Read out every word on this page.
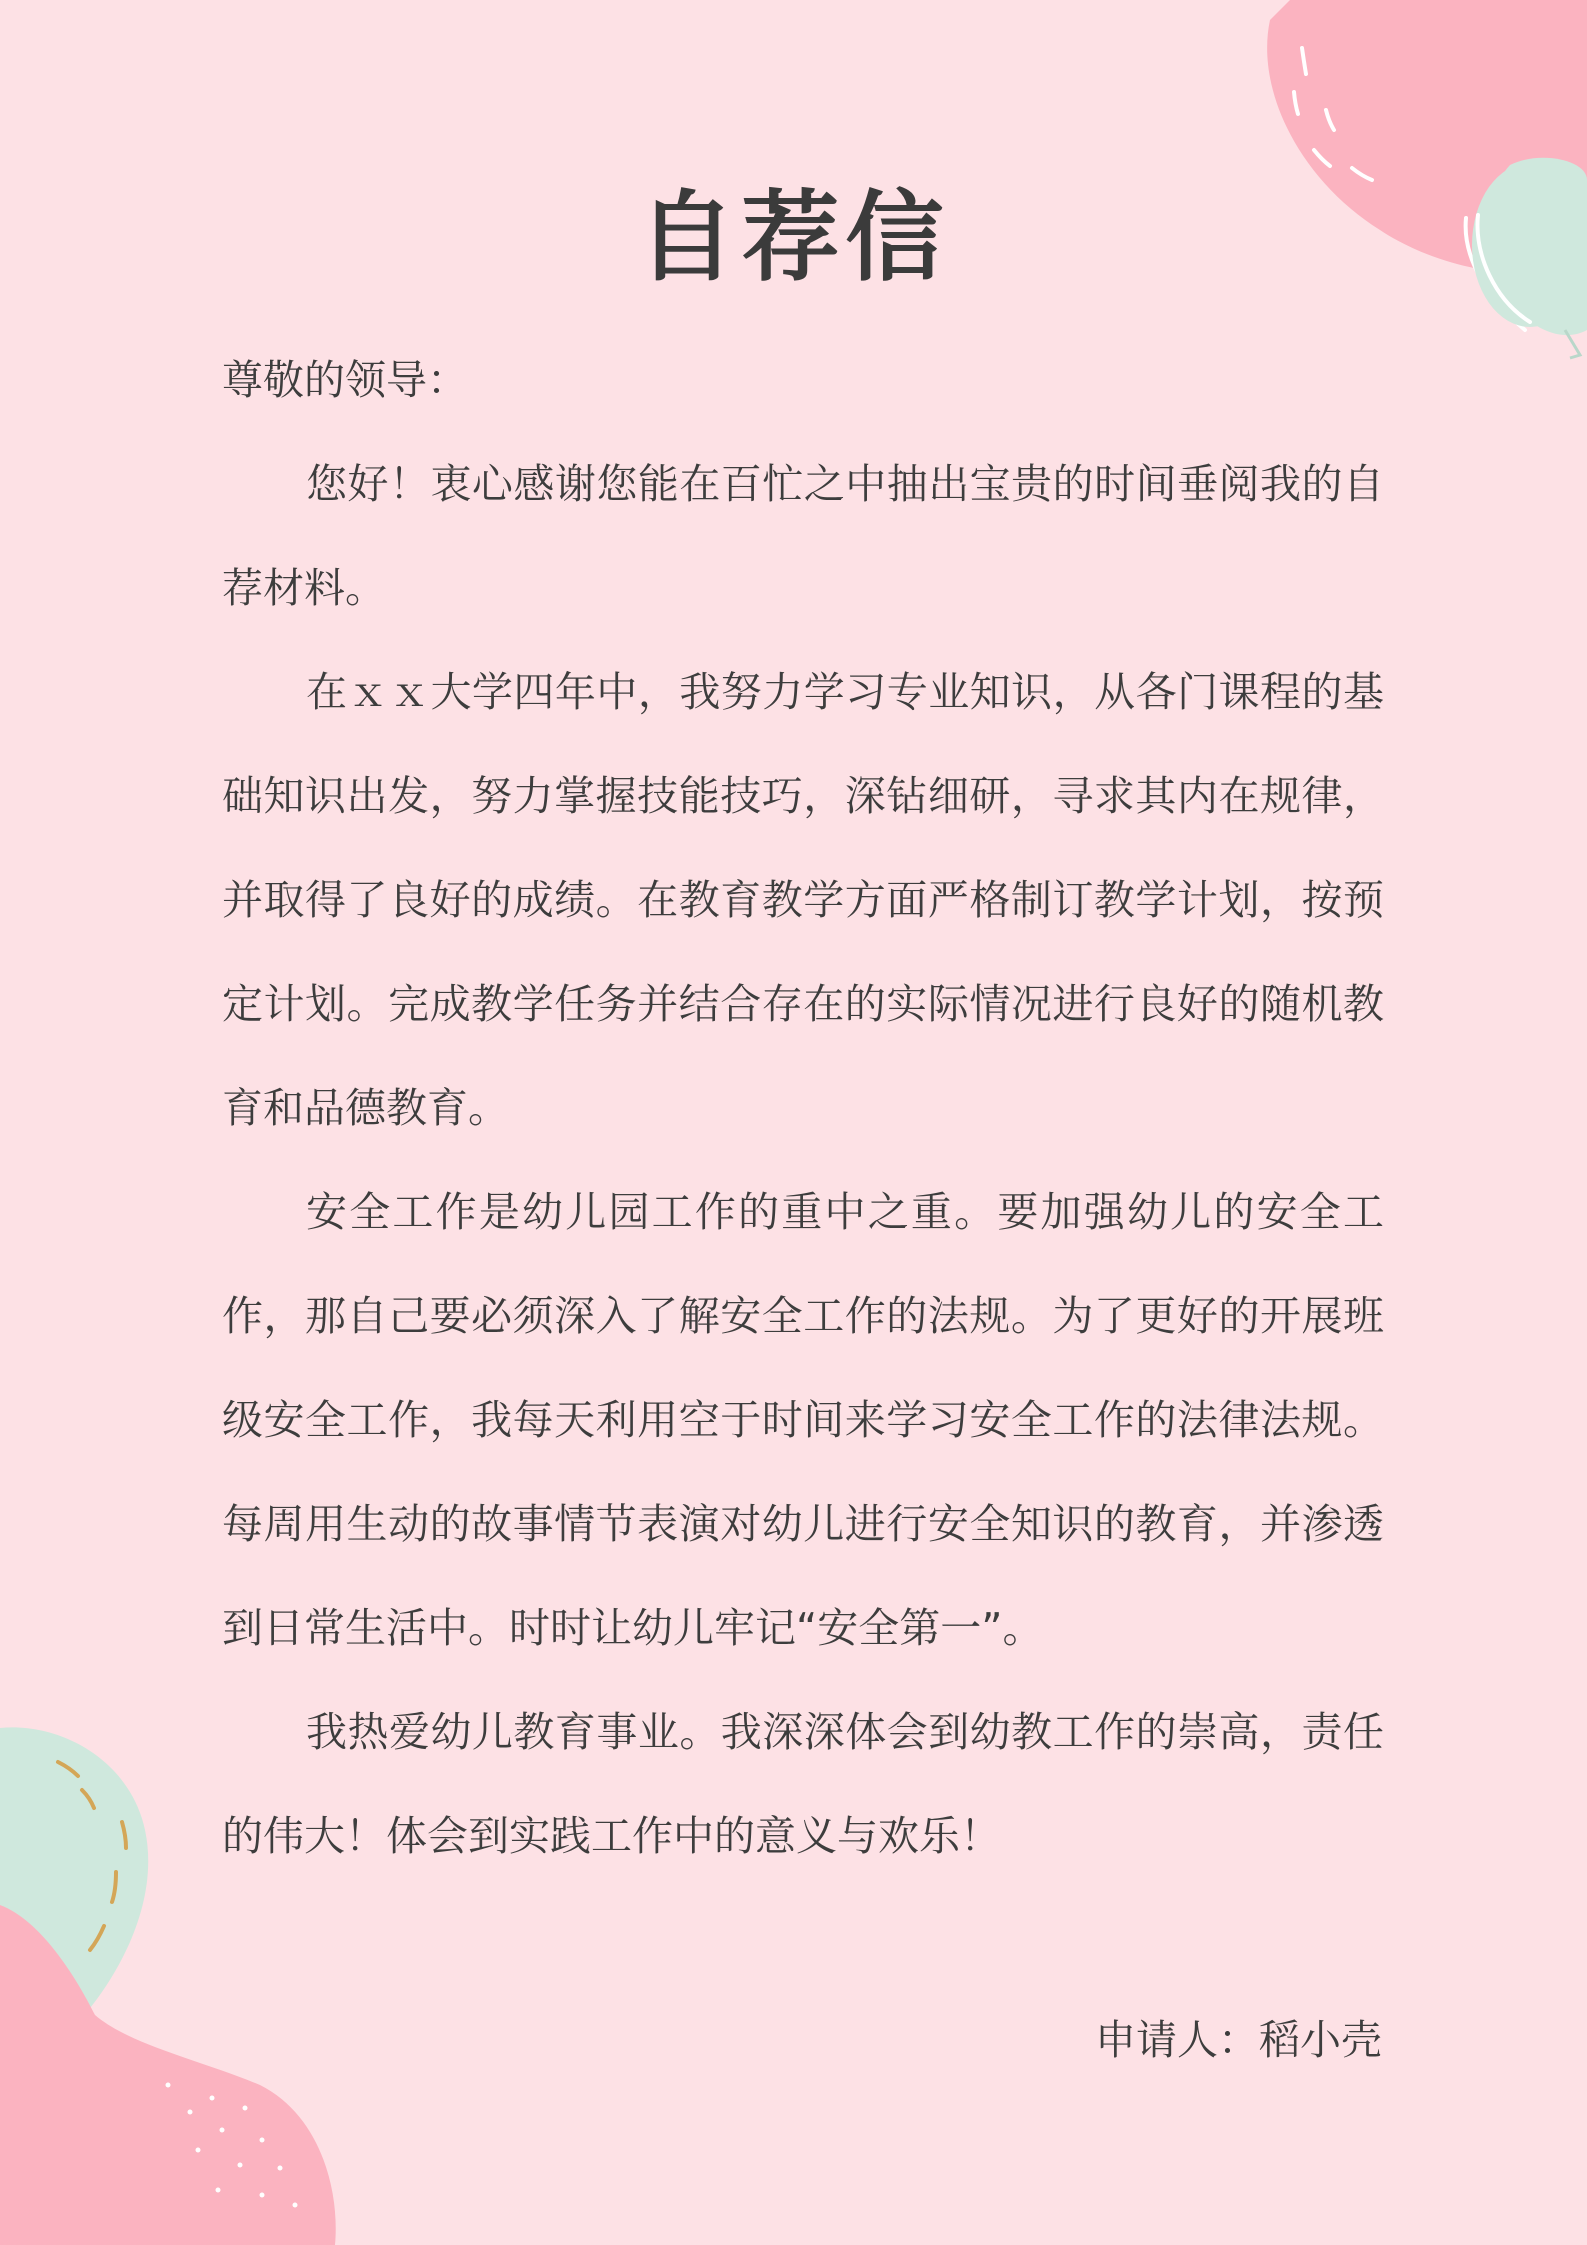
自荐信

尊敬的领导：

您好！衷心感谢您能在百忙之中抽出宝贵的时间垂阅我的自荐材料。

在ｘｘ大学四年中，我努力学习专业知识，从各门课程的基础知识出发，努力掌握技能技巧，深钻细研，寻求其内在规律，并取得了良好的成绩。在教育教学方面严格制订教学计划，按预定计划。完成教学任务并结合存在的实际情况进行良好的随机教育和品德教育。

安全工作是幼儿园工作的重中之重。要加强幼儿的安全工作，那自己要必须深入了解安全工作的法规。为了更好的开展班级安全工作，我每天利用空于时间来学习安全工作的法律法规。每周用生动的故事情节表演对幼儿进行安全知识的教育，并渗透到日常生活中。时时让幼儿牢记“安全第一”。

我热爱幼儿教育事业。我深深体会到幼教工作的崇高，责任的伟大！体会到实践工作中的意义与欢乐！

申请人：稻小壳
